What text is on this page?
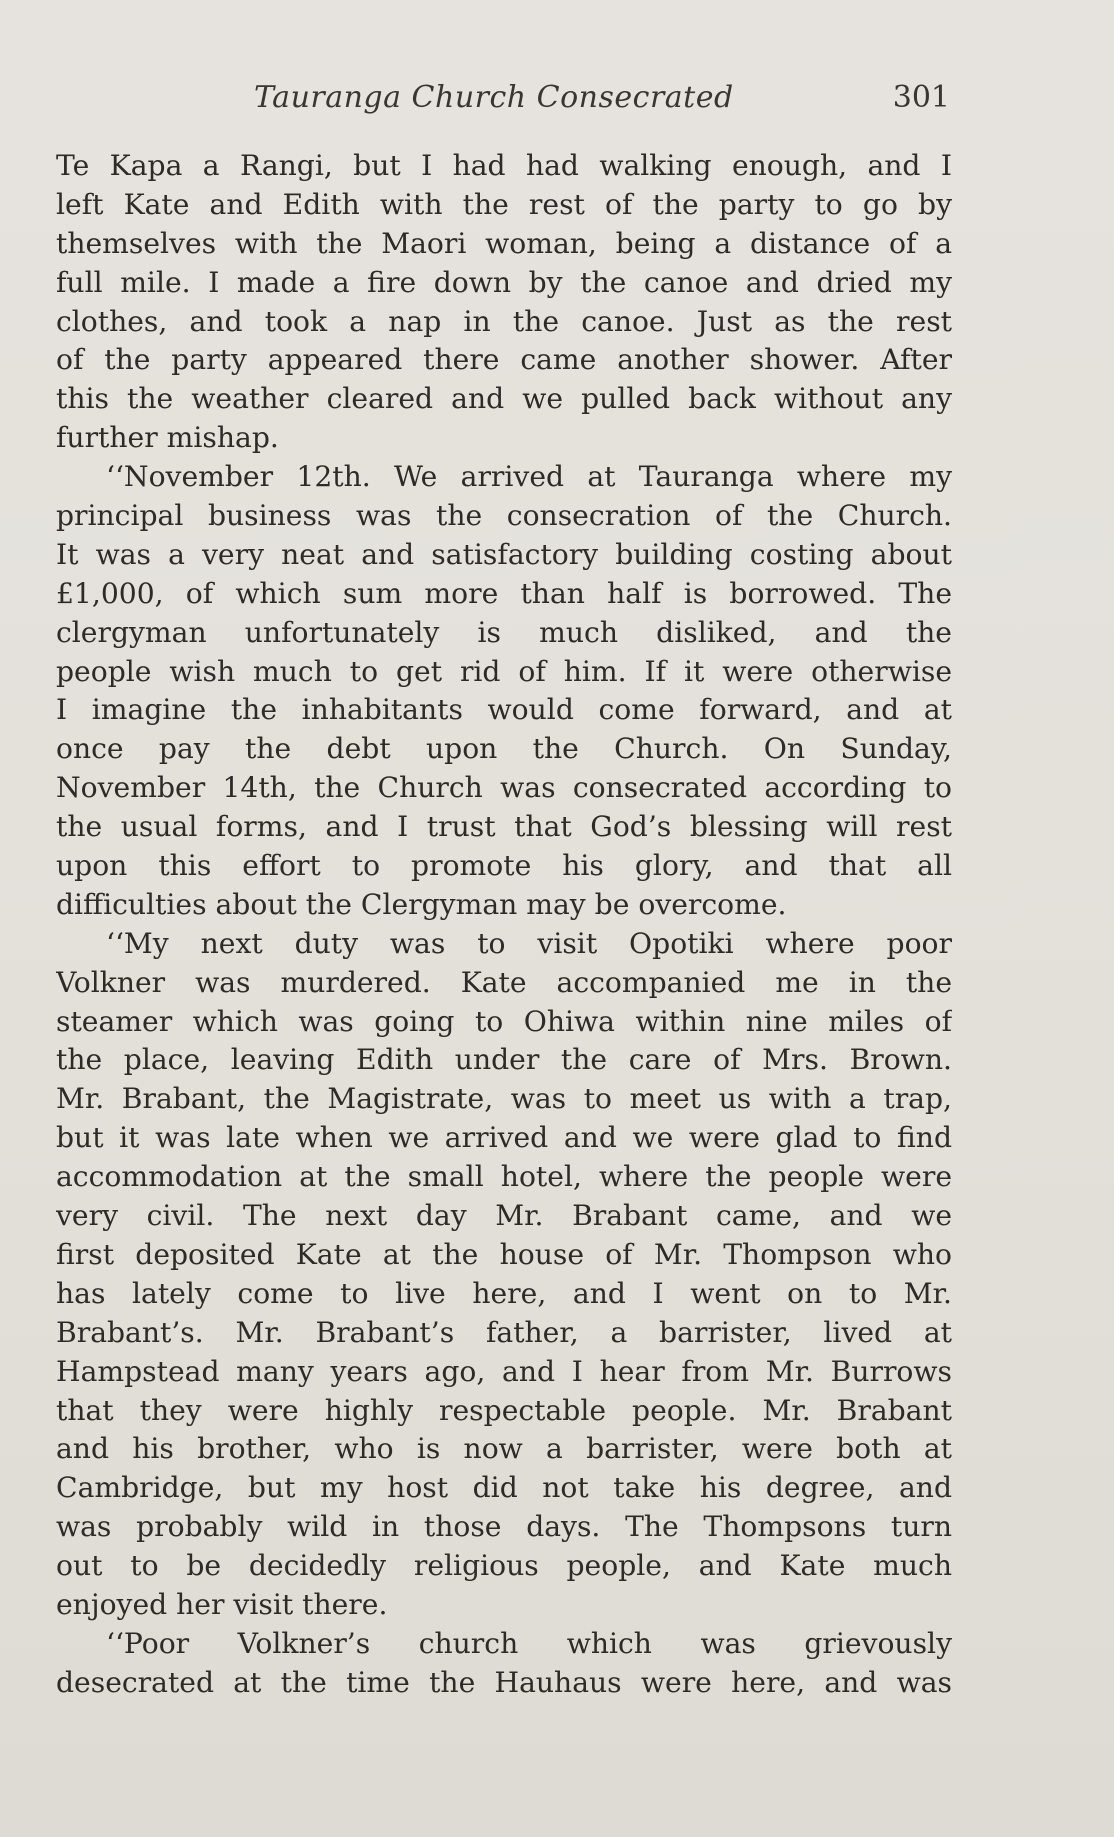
Tauranga Church Consecrated	301
Te Kapa a Rangi, but I had had walking enough, and I
left Kate and Edith with the rest of the party to go by
themselves with the Maori woman, being a distance of a
full mile. I made a fire down by the canoe and dried my
clothes, and took a nap in the canoe. Just as the rest
of the party appeared there came another shower. After
this the weather cleared and we pulled back without any
further mishap.
‘‘November 12th. We arrived at Tauranga where my
principal business was the consecration of the Church.
It was a very neat and satisfactory building costing about
£1,000, of which sum more than half is borrowed. The
clergyman unfortunately is much disliked, and the
people wish much to get rid of him. If it were otherwise
I imagine the inhabitants would come forward, and at
once pay the debt upon the Church. On Sunday,
November 14th, the Church was consecrated according to
the usual forms, and I trust that God’s blessing will rest
upon this effort to promote his glory, and that all
difficulties about the Clergyman may be overcome.
‘‘My next duty was to visit Opotiki where poor
Volkner was murdered. Kate accompanied me in the
steamer which was going to Ohiwa within nine miles of
the place, leaving Edith under the care of Mrs. Brown.
Mr. Brabant, the Magistrate, was to meet us with a trap,
but it was late when we arrived and we were glad to find
accommodation at the small hotel, where the people were
very civil. The next day Mr. Brabant came, and we
first deposited Kate at the house of Mr. Thompson who
has lately come to live here, and I went on to Mr.
Brabant’s. Mr. Brabant’s father, a barrister, lived at
Hampstead many years ago, and I hear from Mr. Burrows
that they were highly respectable people. Mr. Brabant
and his brother, who is now a barrister, were both at
Cambridge, but my host did not take his degree, and
was probably wild in those days. The Thompsons turn
out to be decidedly religious people, and Kate much
enjoyed her visit there.
‘‘Poor Volkner’s church which was grievously
desecrated at the time the Hauhaus were here, and was
